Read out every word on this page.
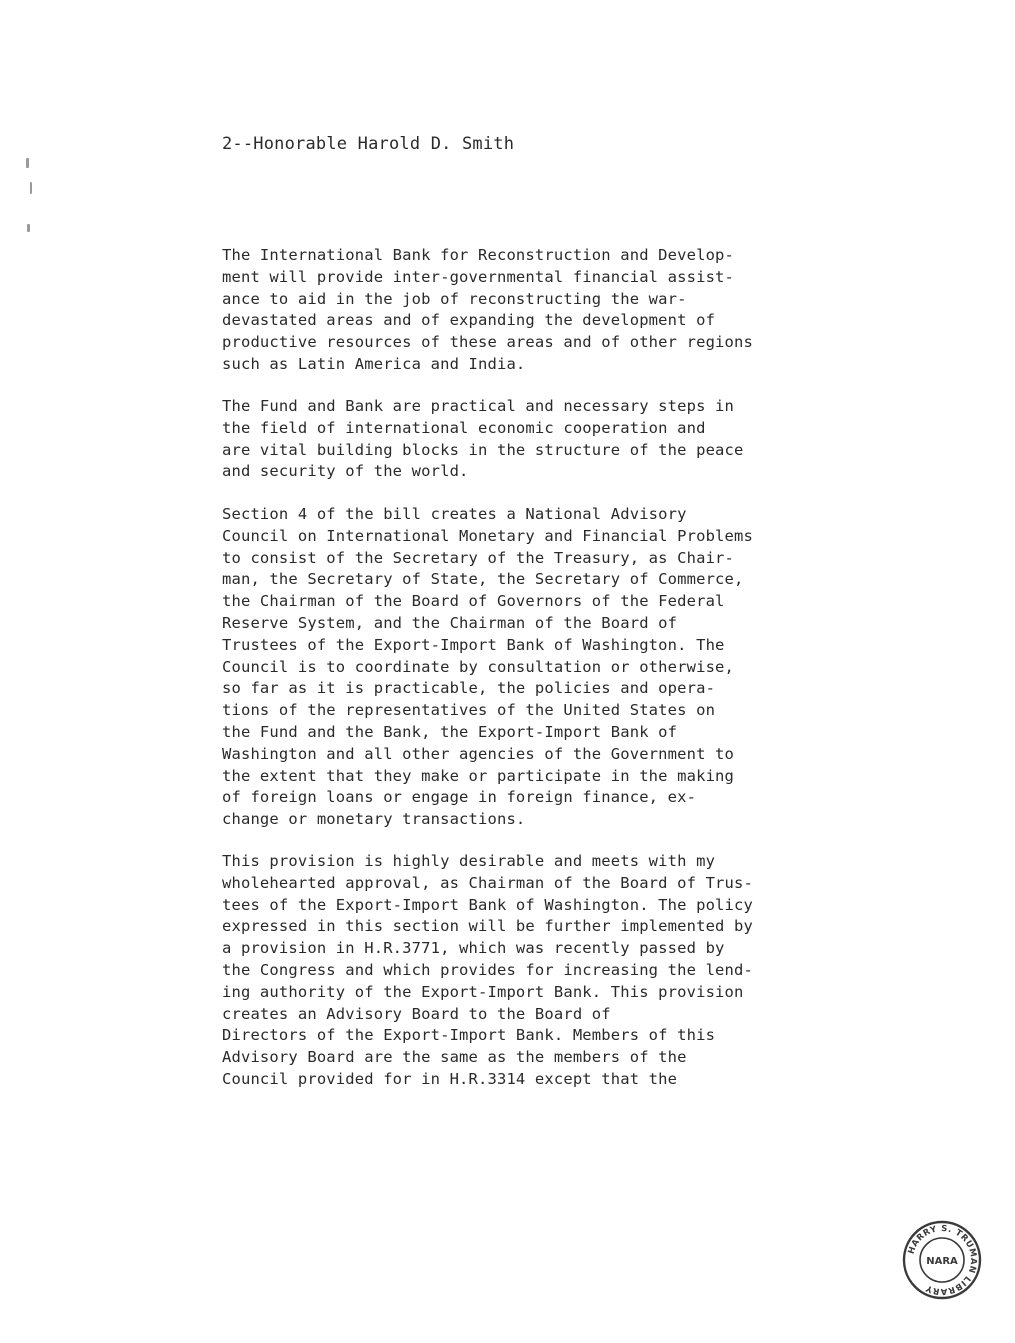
2--Honorable Harold D. Smith

The International Bank for Reconstruction and Develop-
ment will provide inter-governmental financial assist-
ance to aid in the job of reconstructing the war-
devastated areas and of expanding the development of
productive resources of these areas and of other regions
such as Latin America and India.

The Fund and Bank are practical and necessary steps in
the field of international economic cooperation and
are vital building blocks in the structure of the peace
and security of the world.

Section 4 of the bill creates a National Advisory
Council on International Monetary and Financial Problems
to consist of the Secretary of the Treasury, as Chair-
man, the Secretary of State, the Secretary of Commerce,
the Chairman of the Board of Governors of the Federal
Reserve System, and the Chairman of the Board of
Trustees of the Export-Import Bank of Washington. The
Council is to coordinate by consultation or otherwise,
so far as it is practicable, the policies and opera-
tions of the representatives of the United States on
the Fund and the Bank, the Export-Import Bank of
Washington and all other agencies of the Government to
the extent that they make or participate in the making
of foreign loans or engage in foreign finance, ex-
change or monetary transactions.

This provision is highly desirable and meets with my
wholehearted approval, as Chairman of the Board of Trus-
tees of the Export-Import Bank of Washington. The policy
expressed in this section will be further implemented by
a provision in H.R.3771, which was recently passed by
the Congress and which provides for increasing the lend-
ing authority of the Export-Import Bank. This provision
creates an Advisory Board to the Board of
Directors of the Export-Import Bank. Members of this
Advisory Board are the same as the members of the
Council provided for in H.R.3314 except that the

HARRY S. TRUMAN LIBRARY
NARA
